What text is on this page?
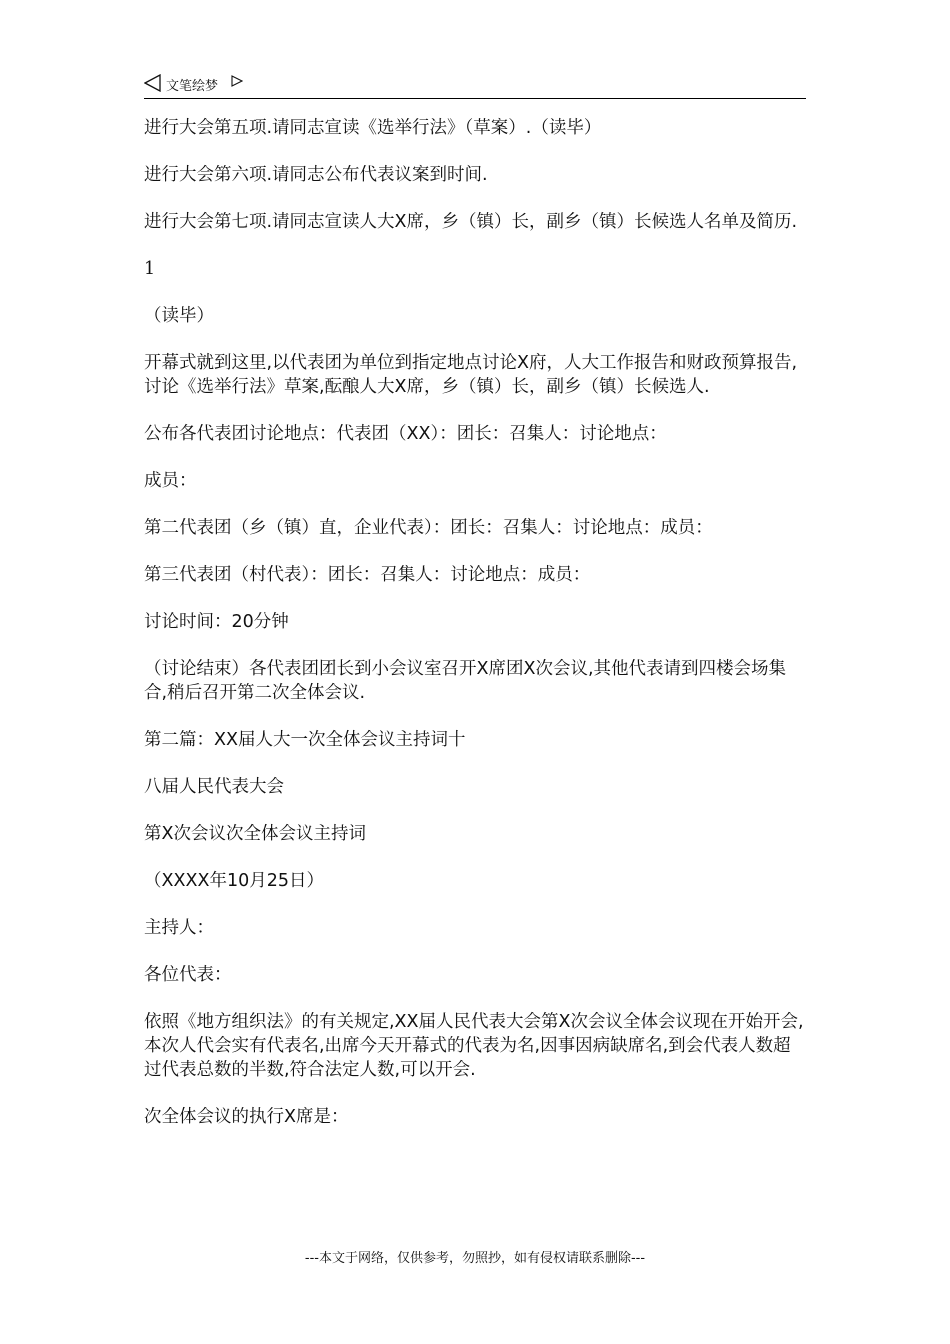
文笔绘梦

进行大会第五项.请同志宣读《选举行法》（草案）.（读毕）

进行大会第六项.请同志公布代表议案到时间.

进行大会第七项.请同志宣读人大X席，乡（镇）长，副乡（镇）长候选人名单及简历.

1

（读毕）

开幕式就到这里,以代表团为单位到指定地点讨论X府，人大工作报告和财政预算报告,讨论《选举行法》草案,酝酿人大X席，乡（镇）长，副乡（镇）长候选人.

公布各代表团讨论地点：代表团（XX）：团长：召集人：讨论地点：

成员：

第二代表团（乡（镇）直，企业代表）：团长：召集人：讨论地点：成员：

第三代表团（村代表）：团长：召集人：讨论地点：成员：

讨论时间：20分钟

（讨论结束）各代表团团长到小会议室召开X席团X次会议,其他代表请到四楼会场集合,稍后召开第二次全体会议.

第二篇：XX届人大一次全体会议主持词十

八届人民代表大会

第X次会议次全体会议主持词

（XXXX年10月25日）

主持人：

各位代表：

依照《地方组织法》的有关规定,XX届人民代表大会第X次会议全体会议现在开始开会,本次人代会实有代表名,出席今天开幕式的代表为名,因事因病缺席名,到会代表人数超过代表总数的半数,符合法定人数,可以开会.

次全体会议的执行X席是：

---本文于网络，仅供参考，勿照抄，如有侵权请联系删除---
